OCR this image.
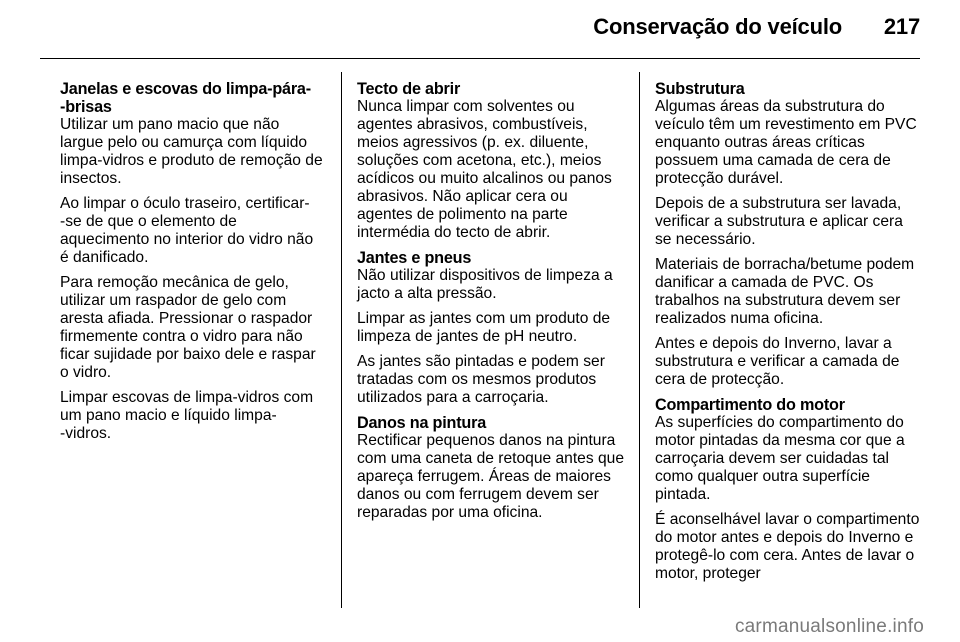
Conservação do veículo 217
Janelas e escovas do limpa-pára-‑brisas

Utilizar um pano macio que não largue pelo ou camurça com líquido limpa-vidros e produto de remoção de insectos.

Ao limpar o óculo traseiro, certificar-‑se de que o elemento de aquecimento no interior do vidro não é danificado.

Para remoção mecânica de gelo, utilizar um raspador de gelo com aresta afiada. Pressionar o raspador firmemente contra o vidro para não ficar sujidade por baixo dele e raspar o vidro.

Limpar escovas de limpa-vidros com um pano macio e líquido limpa-‑vidros.

Tecto de abrir

Nunca limpar com solventes ou agentes abrasivos, combustíveis, meios agressivos (p. ex. diluente, soluções com acetona, etc.), meios acídicos ou muito alcalinos ou panos abrasivos. Não aplicar cera ou agentes de polimento na parte intermédia do tecto de abrir.

Jantes e pneus

Não utilizar dispositivos de limpeza a jacto a alta pressão.

Limpar as jantes com um produto de limpeza de jantes de pH neutro.

As jantes são pintadas e podem ser tratadas com os mesmos produtos utilizados para a carroçaria.

Danos na pintura

Rectificar pequenos danos na pintura com uma caneta de retoque antes que apareça ferrugem. Áreas de maiores danos ou com ferrugem devem ser reparadas por uma oficina.

Substrutura

Algumas áreas da substrutura do veículo têm um revestimento em PVC enquanto outras áreas críticas possuem uma camada de cera de protecção durável.

Depois de a substrutura ser lavada, verificar a substrutura e aplicar cera se necessário.

Materiais de borracha/betume podem danificar a camada de PVC. Os trabalhos na substrutura devem ser realizados numa oficina.

Antes e depois do Inverno, lavar a substrutura e verificar a camada de cera de protecção.

Compartimento do motor

As superfícies do compartimento do motor pintadas da mesma cor que a carroçaria devem ser cuidadas tal como qualquer outra superfície pintada.

É aconselhável lavar o compartimento do motor antes e depois do Inverno e protegê-lo com cera. Antes de lavar o motor, proteger

carmanualsonline.info
